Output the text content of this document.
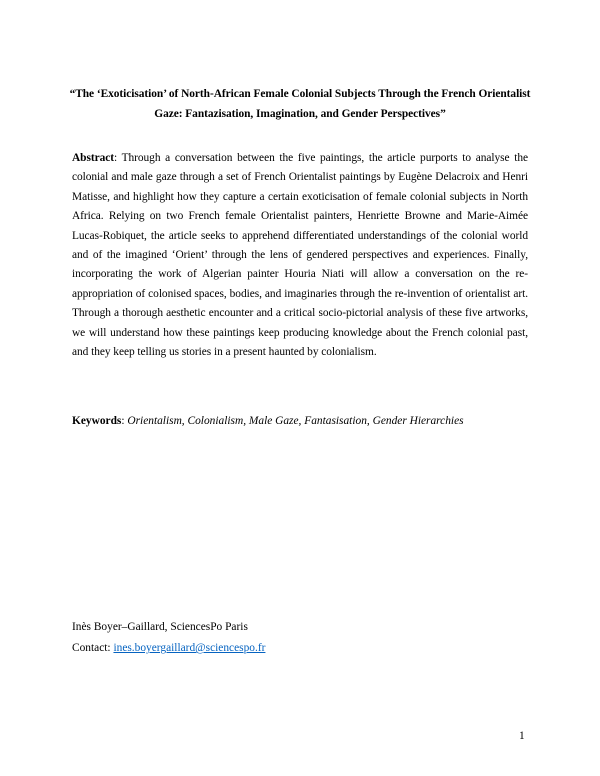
“The ‘Exoticisation’ of North-African Female Colonial Subjects Through the French Orientalist Gaze: Fantazisation, Imagination, and Gender Perspectives”
Abstract: Through a conversation between the five paintings, the article purports to analyse the colonial and male gaze through a set of French Orientalist paintings by Eugène Delacroix and Henri Matisse, and highlight how they capture a certain exoticisation of female colonial subjects in North Africa. Relying on two French female Orientalist painters, Henriette Browne and Marie-Aimée Lucas-Robiquet, the article seeks to apprehend differentiated understandings of the colonial world and of the imagined ‘Orient’ through the lens of gendered perspectives and experiences. Finally, incorporating the work of Algerian painter Houria Niati will allow a conversation on the re-appropriation of colonised spaces, bodies, and imaginaries through the re-invention of orientalist art. Through a thorough aesthetic encounter and a critical socio-pictorial analysis of these five artworks, we will understand how these paintings keep producing knowledge about the French colonial past, and they keep telling us stories in a present haunted by colonialism.
Keywords: Orientalism, Colonialism, Male Gaze, Fantasisation, Gender Hierarchies
Inès Boyer–Gaillard, SciencesPo Paris
Contact: ines.boyergaillard@sciencespo.fr
1
